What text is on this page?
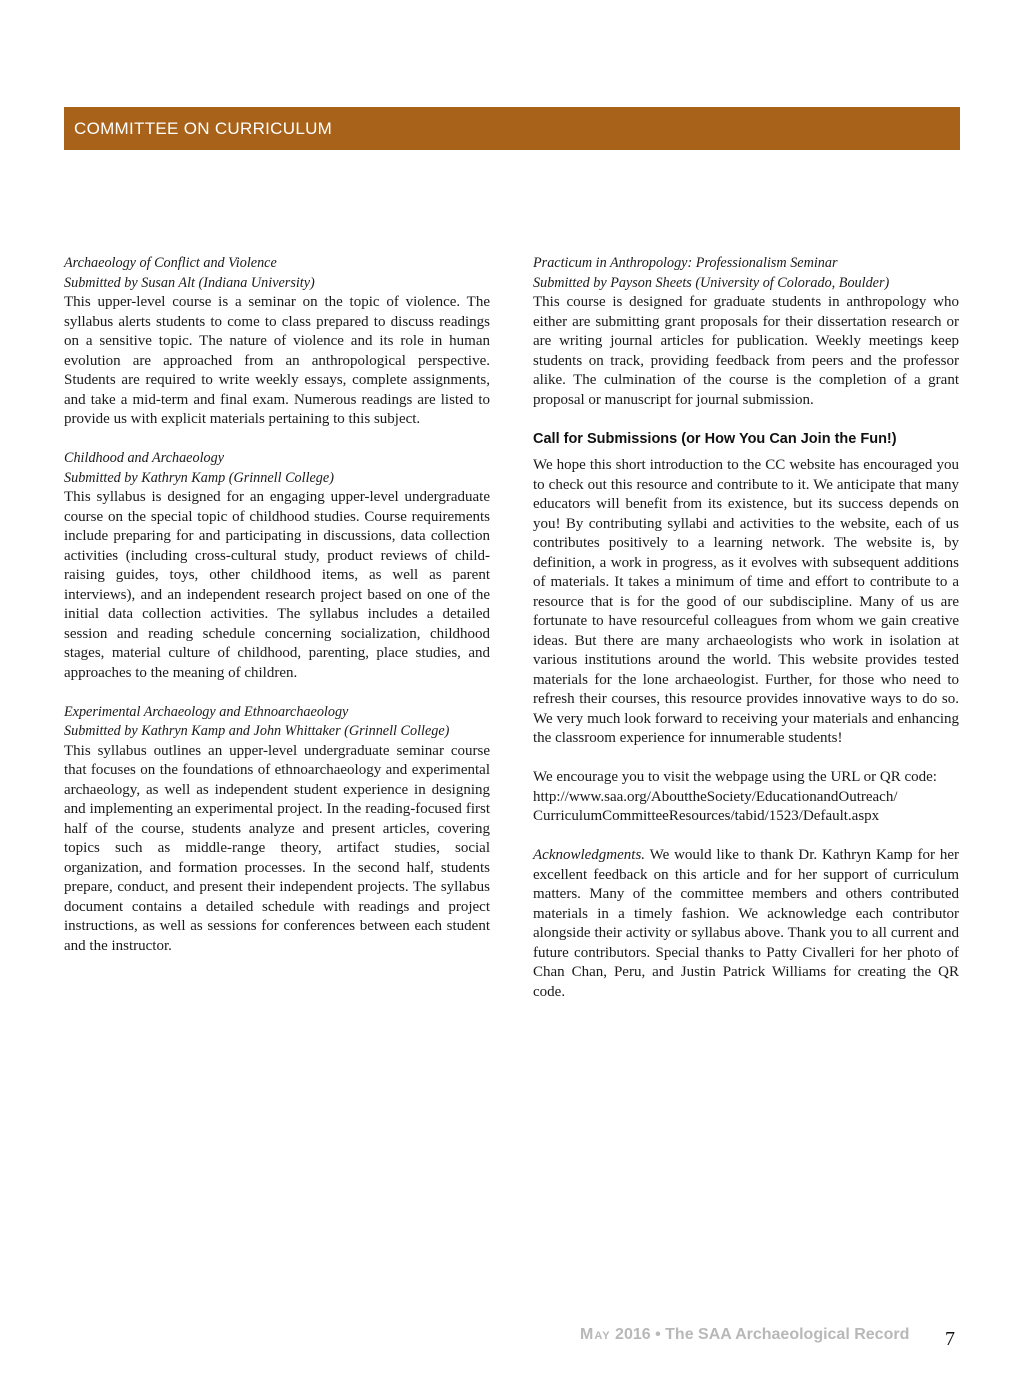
COMMITTEE ON CURRICULUM
Archaeology of Conflict and Violence
Submitted by Susan Alt (Indiana University)

This upper-level course is a seminar on the topic of violence. The syllabus alerts students to come to class prepared to discuss readings on a sensitive topic. The nature of violence and its role in human evolution are approached from an anthropological perspective. Students are required to write weekly essays, complete assignments, and take a mid-term and final exam. Numerous readings are listed to provide us with explicit materials pertaining to this subject.

Childhood and Archaeology
Submitted by Kathryn Kamp (Grinnell College)

This syllabus is designed for an engaging upper-level undergraduate course on the special topic of childhood studies. Course requirements include preparing for and participating in discussions, data collection activities (including cross-cultural study, product reviews of child-raising guides, toys, other childhood items, as well as parent interviews), and an independent research project based on one of the initial data collection activities. The syllabus includes a detailed session and reading schedule concerning socialization, childhood stages, material culture of childhood, parenting, place studies, and approaches to the meaning of children.

Experimental Archaeology and Ethnoarchaeology
Submitted by Kathryn Kamp and John Whittaker (Grinnell College)

This syllabus outlines an upper-level undergraduate seminar course that focuses on the foundations of ethnoarchaeology and experimental archaeology, as well as independent student experience in designing and implementing an experimental project. In the reading-focused first half of the course, students analyze and present articles, covering topics such as middle-range theory, artifact studies, social organization, and formation processes. In the second half, students prepare, conduct, and present their independent projects. The syllabus document contains a detailed schedule with readings and project instructions, as well as sessions for conferences between each student and the instructor.

Practicum in Anthropology: Professionalism Seminar
Submitted by Payson Sheets (University of Colorado, Boulder)

This course is designed for graduate students in anthropology who either are submitting grant proposals for their dissertation research or are writing journal articles for publication. Weekly meetings keep students on track, providing feedback from peers and the professor alike. The culmination of the course is the completion of a grant proposal or manuscript for journal submission.

Call for Submissions (or How You Can Join the Fun!)

We hope this short introduction to the CC website has encouraged you to check out this resource and contribute to it. We anticipate that many educators will benefit from its existence, but its success depends on you! By contributing syllabi and activities to the website, each of us contributes positively to a learning network. The website is, by definition, a work in progress, as it evolves with subsequent additions of materials. It takes a minimum of time and effort to contribute to a resource that is for the good of our subdiscipline. Many of us are fortunate to have resourceful colleagues from whom we gain creative ideas. But there are many archaeologists who work in isolation at various institutions around the world. This website provides tested materials for the lone archaeologist. Further, for those who need to refresh their courses, this resource provides innovative ways to do so. We very much look forward to receiving your materials and enhancing the classroom experience for innumerable students!

We encourage you to visit the webpage using the URL or QR code:

http://www.saa.org/AbouttheSociety/EducationandOutreach/
CurriculumCommitteeResources/tabid/1523/Default.aspx

Acknowledgments. We would like to thank Dr. Kathryn Kamp for her excellent feedback on this article and for her support of curriculum matters. Many of the committee members and others contributed materials in a timely fashion. We acknowledge each contributor alongside their activity or syllabus above. Thank you to all current and future contributors. Special thanks to Patty Civalleri for her photo of Chan Chan, Peru, and Justin Patrick Williams for creating the QR code.

May 2016 • The SAA Archaeological Record 7
